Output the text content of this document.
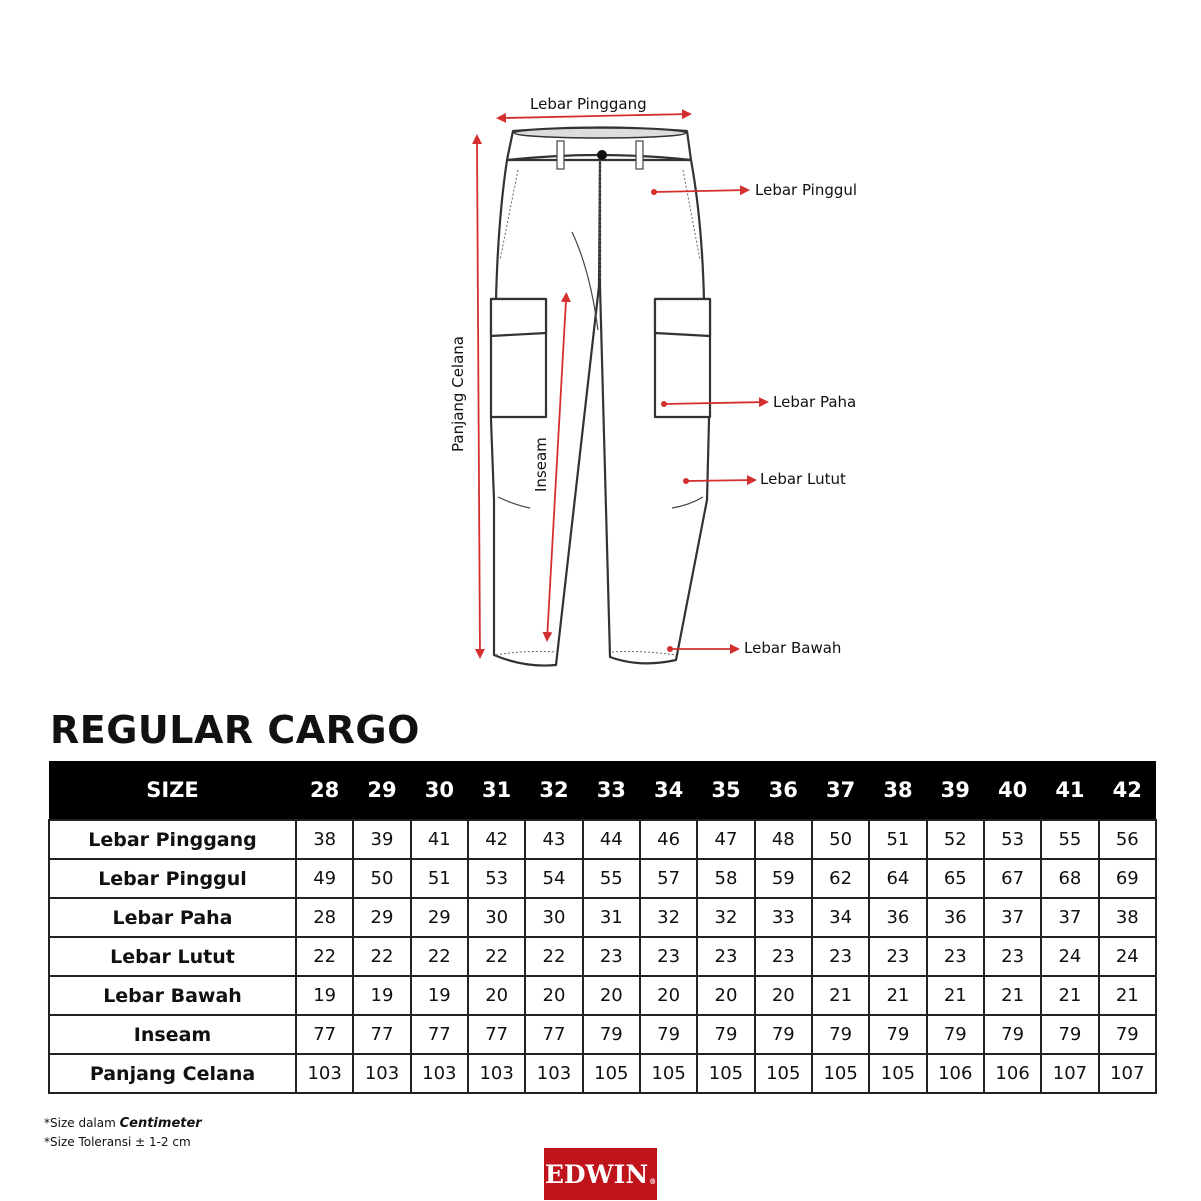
Lebar Pinggang
Lebar Pinggul
Panjang Celana
Inseam
Lebar Paha
Lebar Lutut
Lebar Bawah
REGULAR CARGO
SIZE	28	29	30	31	32	33	34	35	36	37	38	39	40	41	42
Lebar Pinggang	38	39	41	42	43	44	46	47	48	50	51	52	53	55	56
Lebar Pinggul	49	50	51	53	54	55	57	58	59	62	64	65	67	68	69
Lebar Paha	28	29	29	30	30	31	32	32	33	34	36	36	37	37	38
Lebar Lutut	22	22	22	22	22	23	23	23	23	23	23	23	23	24	24
Lebar Bawah	19	19	19	20	20	20	20	20	20	21	21	21	21	21	21
Inseam	77	77	77	77	77	79	79	79	79	79	79	79	79	79	79
Panjang Celana	103	103	103	103	103	105	105	105	105	105	105	106	106	107	107
*Size dalam Centimeter
*Size Toleransi ± 1-2 cm
EDWIN ®
